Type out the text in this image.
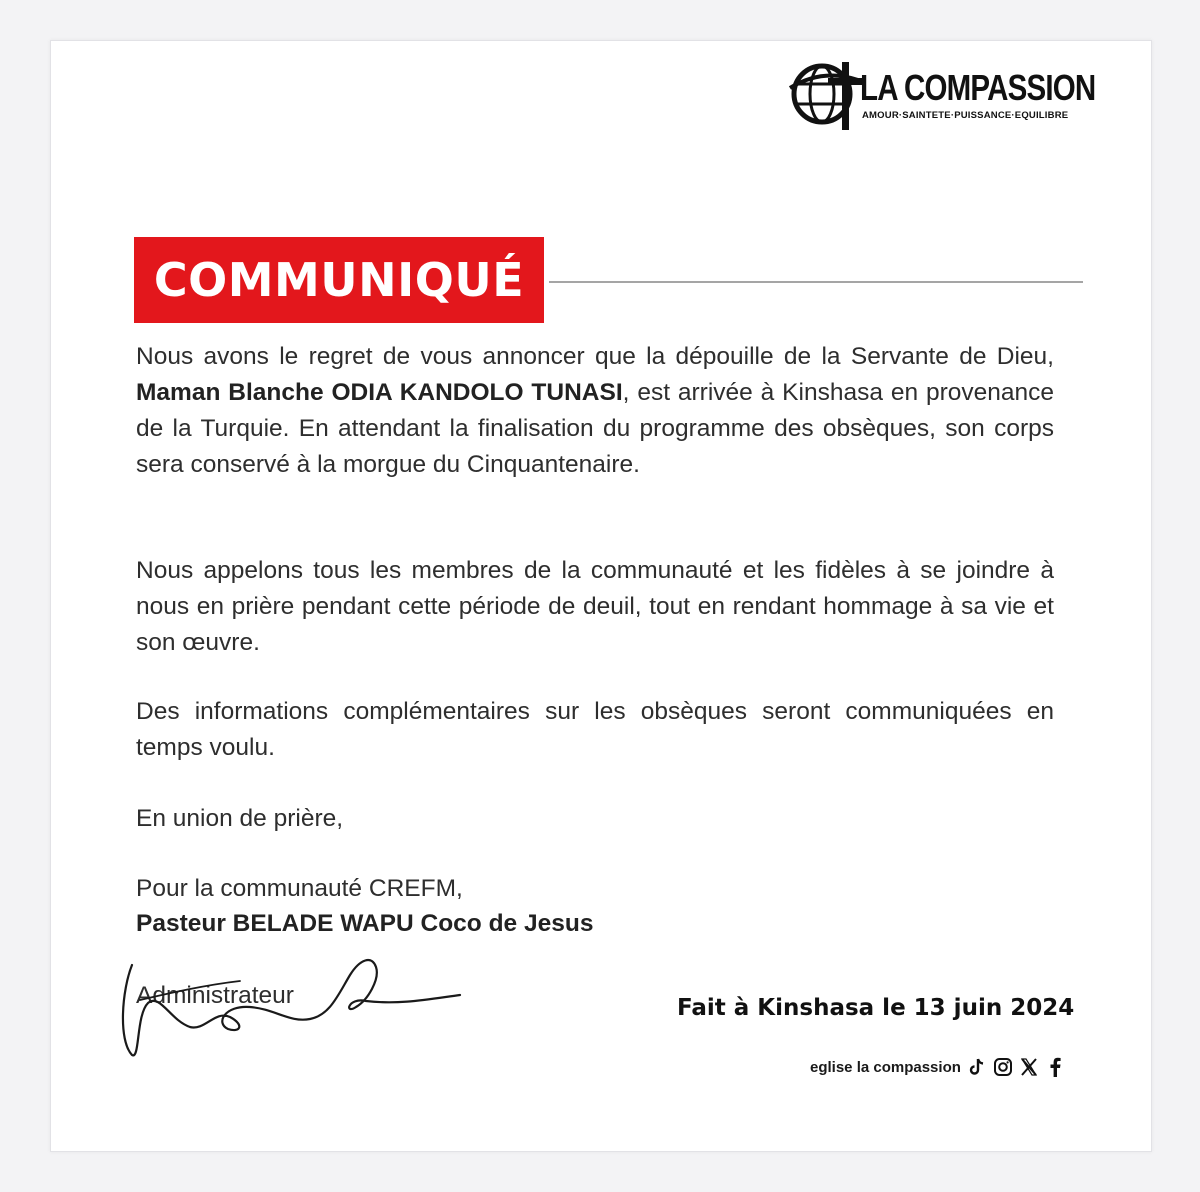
LA COMPASSION
AMOUR·SAINTETE·PUISSANCE·EQUILIBRE
COMMUNIQUÉ
Nous avons le regret de vous annoncer que la dépouille de la Servante de Dieu, Maman Blanche ODIA KANDOLO TUNASI, est arrivée à Kinshasa en provenance de la Turquie. En attendant la finalisation du programme des obsèques, son corps sera conservé à la morgue du Cinquantenaire.
Nous appelons tous les membres de la communauté et les fidèles à se joindre à nous en prière pendant cette période de deuil, tout en rendant hommage à sa vie et son œuvre.
Des informations complémentaires sur les obsèques seront communiquées en temps voulu.
En union de prière,
Pour la communauté CREFM,
Pasteur BELADE WAPU Coco de Jesus
Administrateur	Fait à Kinshasa le 13 juin 2024
eglise la compassion
